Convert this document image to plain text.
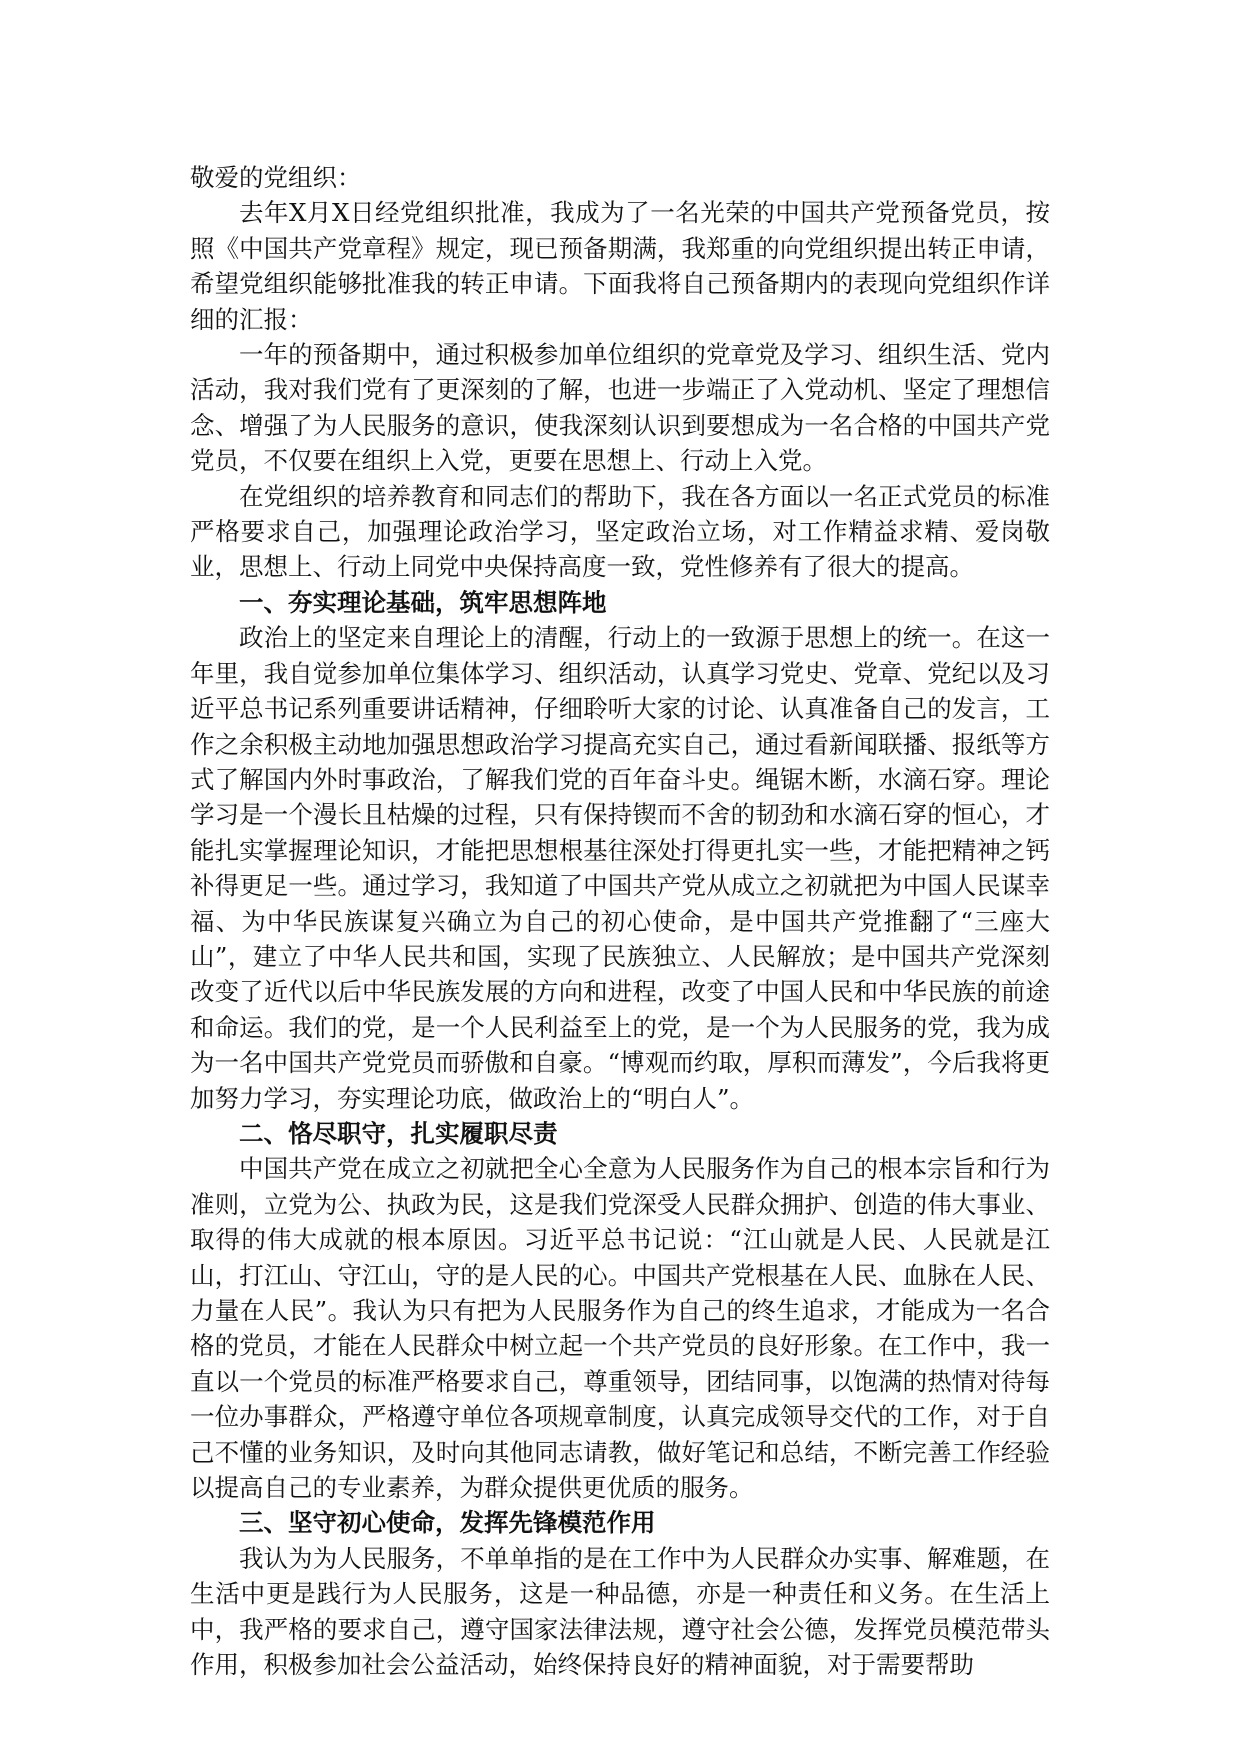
敬爱的党组织：

去年X月X日经党组织批准，我成为了一名光荣的中国共产党预备党员，按照《中国共产党章程》规定，现已预备期满，我郑重的向党组织提出转正申请，希望党组织能够批准我的转正申请。下面我将自己预备期内的表现向党组织作详细的汇报：

一年的预备期中，通过积极参加单位组织的党章党及学习、组织生活、党内活动，我对我们党有了更深刻的了解，也进一步端正了入党动机、坚定了理想信念、增强了为人民服务的意识，使我深刻认识到要想成为一名合格的中国共产党党员，不仅要在组织上入党，更要在思想上、行动上入党。

在党组织的培养教育和同志们的帮助下，我在各方面以一名正式党员的标准严格要求自己，加强理论政治学习，坚定政治立场，对工作精益求精、爱岗敬业，思想上、行动上同党中央保持高度一致，党性修养有了很大的提高。

一、夯实理论基础，筑牢思想阵地

政治上的坚定来自理论上的清醒，行动上的一致源于思想上的统一。在这一年里，我自觉参加单位集体学习、组织活动，认真学习党史、党章、党纪以及习近平总书记系列重要讲话精神，仔细聆听大家的讨论、认真准备自己的发言，工作之余积极主动地加强思想政治学习提高充实自己，通过看新闻联播、报纸等方式了解国内外时事政治，了解我们党的百年奋斗史。绳锯木断，水滴石穿。理论学习是一个漫长且枯燥的过程，只有保持锲而不舍的韧劲和水滴石穿的恒心，才能扎实掌握理论知识，才能把思想根基往深处打得更扎实一些，才能把精神之钙补得更足一些。通过学习，我知道了中国共产党从成立之初就把为中国人民谋幸福、为中华民族谋复兴确立为自己的初心使命，是中国共产党推翻了“三座大山”，建立了中华人民共和国，实现了民族独立、人民解放；是中国共产党深刻改变了近代以后中华民族发展的方向和进程，改变了中国人民和中华民族的前途和命运。我们的党，是一个人民利益至上的党，是一个为人民服务的党，我为成为一名中国共产党党员而骄傲和自豪。“博观而约取，厚积而薄发”，今后我将更加努力学习，夯实理论功底，做政治上的“明白人”。

二、恪尽职守，扎实履职尽责

中国共产党在成立之初就把全心全意为人民服务作为自己的根本宗旨和行为准则，立党为公、执政为民，这是我们党深受人民群众拥护、创造的伟大事业、取得的伟大成就的根本原因。习近平总书记说：“江山就是人民、人民就是江山，打江山、守江山，守的是人民的心。中国共产党根基在人民、血脉在人民、力量在人民”。我认为只有把为人民服务作为自己的终生追求，才能成为一名合格的党员，才能在人民群众中树立起一个共产党员的良好形象。在工作中，我一直以一个党员的标准严格要求自己，尊重领导，团结同事，以饱满的热情对待每一位办事群众，严格遵守单位各项规章制度，认真完成领导交代的工作，对于自己不懂的业务知识，及时向其他同志请教，做好笔记和总结，不断完善工作经验以提高自己的专业素养，为群众提供更优质的服务。

三、坚守初心使命，发挥先锋模范作用

我认为为人民服务，不单单指的是在工作中为人民群众办实事、解难题，在生活中更是践行为人民服务，这是一种品德，亦是一种责任和义务。在生活上中，我严格的要求自己，遵守国家法律法规，遵守社会公德，发挥党员模范带头作用，积极参加社会公益活动，始终保持良好的精神面貌，对于需要帮助
